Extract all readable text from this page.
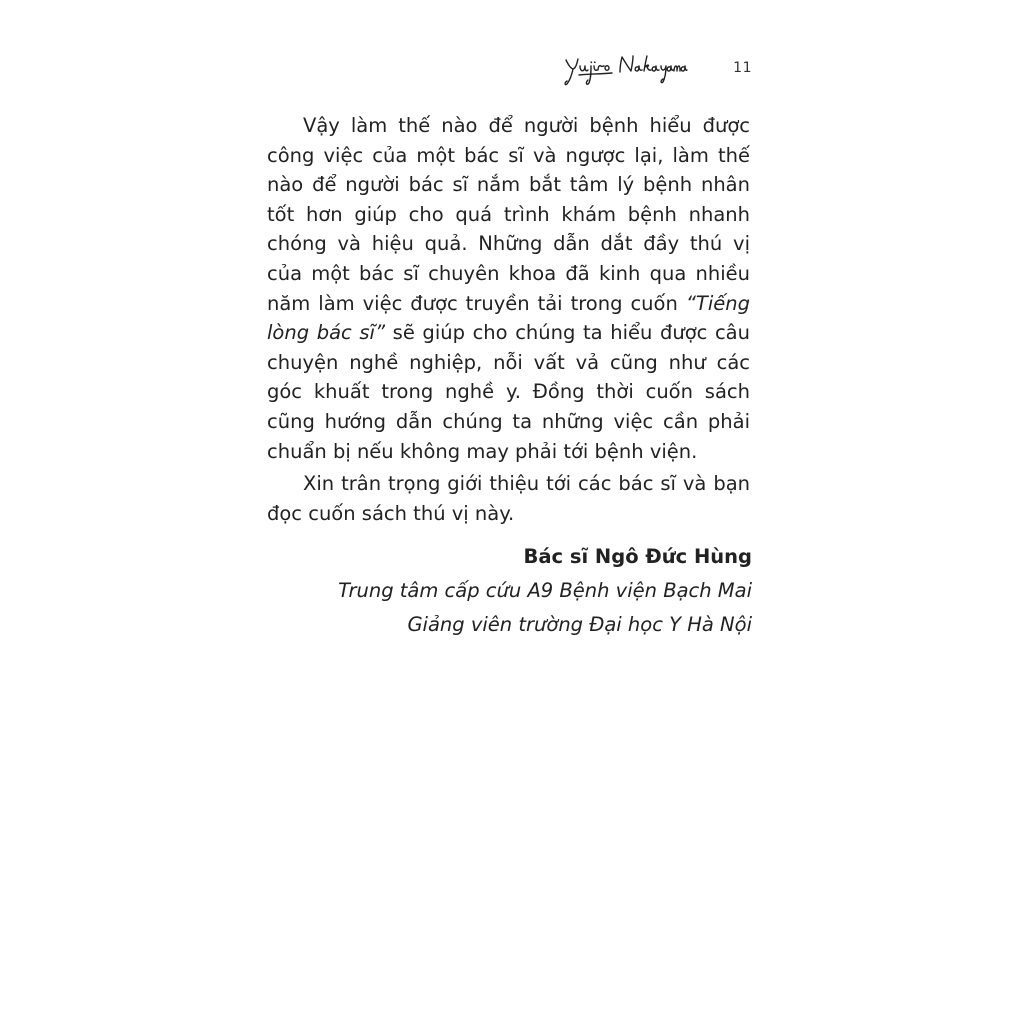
11

Vậy làm thế nào để người bệnh hiểu được công việc của một bác sĩ và ngược lại, làm thế nào để người bác sĩ nắm bắt tâm lý bệnh nhân tốt hơn giúp cho quá trình khám bệnh nhanh chóng và hiệu quả. Những dẫn dắt đầy thú vị của một bác sĩ chuyên khoa đã kinh qua nhiều năm làm việc được truyền tải trong cuốn “Tiếng lòng bác sĩ” sẽ giúp cho chúng ta hiểu được câu chuyện nghề nghiệp, nỗi vất vả cũng như các góc khuất trong nghề y. Đồng thời cuốn sách cũng hướng dẫn chúng ta những việc cần phải chuẩn bị nếu không may phải tới bệnh viện.

Xin trân trọng giới thiệu tới các bác sĩ và bạn đọc cuốn sách thú vị này.

Bác sĩ Ngô Đức Hùng

Trung tâm cấp cứu A9 Bệnh viện Bạch Mai

Giảng viên trường Đại học Y Hà Nội
